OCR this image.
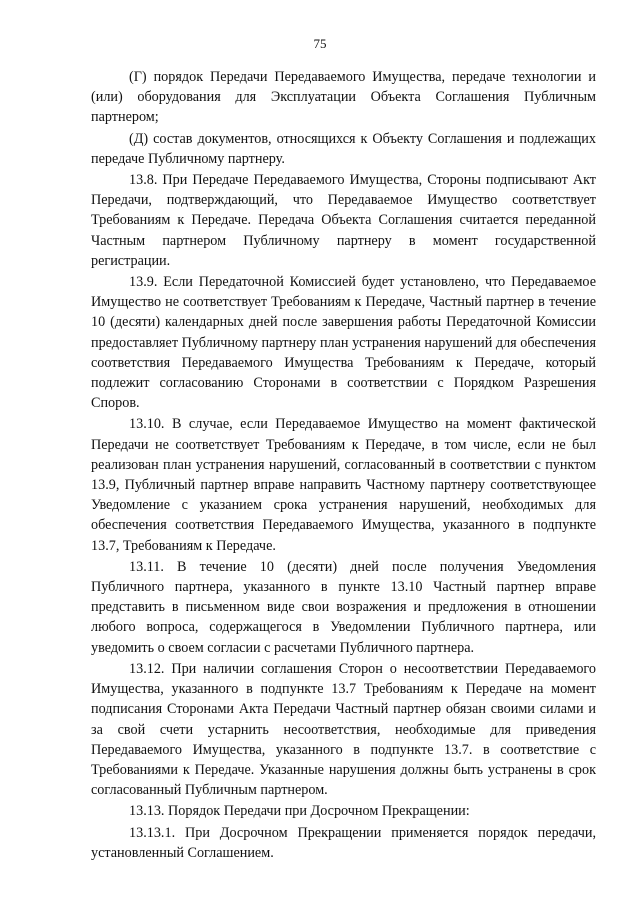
75

(Г) порядок Передачи Передаваемого Имущества, передаче технологии и (или) оборудования для Эксплуатации Объекта Соглашения Публичным партнером;

(Д) состав документов, относящихся к Объекту Соглашения и подлежащих передаче Публичному партнеру.

13.8. При Передаче Передаваемого Имущества, Стороны подписывают Акт Передачи, подтверждающий, что Передаваемое Имущество соответствует Требованиям к Передаче. Передача Объекта Соглашения считается переданной Частным партнером Публичному партнеру в момент государственной регистрации.

13.9. Если Передаточной Комиссией будет установлено, что Передаваемое Имущество не соответствует Требованиям к Передаче, Частный партнер в течение 10 (десяти) календарных дней после завершения работы Передаточной Комиссии предоставляет Публичному партнеру план устранения нарушений для обеспечения соответствия Передаваемого Имущества Требованиям к Передаче, который подлежит согласованию Сторонами в соответствии с Порядком Разрешения Споров.

13.10. В случае, если Передаваемое Имущество на момент фактической Передачи не соответствует Требованиям к Передаче, в том числе, если не был реализован план устранения нарушений, согласованный в соответствии с пунктом 13.9, Публичный партнер вправе направить Частному партнеру соответствующее Уведомление с указанием срока устранения нарушений, необходимых для обеспечения соответствия Передаваемого Имущества, указанного в подпункте 13.7, Требованиям к Передаче.

13.11. В течение 10 (десяти) дней после получения Уведомления Публичного партнера, указанного в пункте 13.10 Частный партнер вправе представить в письменном виде свои возражения и предложения в отношении любого вопроса, содержащегося в Уведомлении Публичного партнера, или уведомить о своем согласии с расчетами Публичного партнера.

13.12. При наличии соглашения Сторон о несоответствии Передаваемого Имущества, указанного в подпункте 13.7 Требованиям к Передаче на момент подписания Сторонами Акта Передачи Частный партнер обязан своими силами и за свой счети устарнить несоответствия, необходимые для приведения Передаваемого Имущества, указанного в подпункте 13.7. в соответствие с Требованиями к Передаче. Указанные нарушения должны быть устранены в срок согласованный Публичным партнером.

13.13. Порядок Передачи при Досрочном Прекращении:

13.13.1. При Досрочном Прекращении применяется порядок передачи, установленный Соглашением.
